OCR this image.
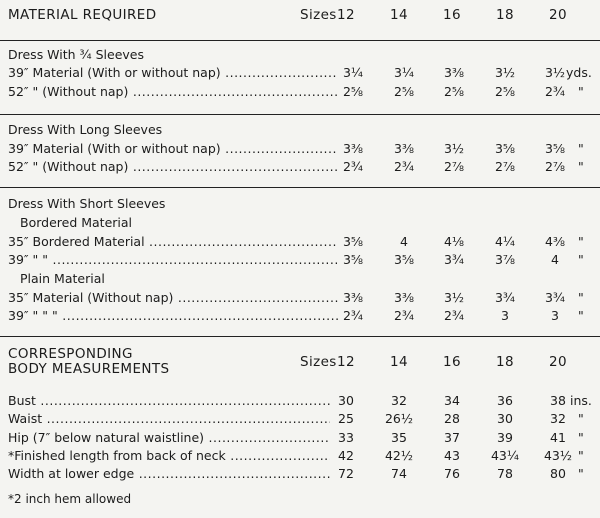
MATERIAL REQUIRED	Sizes 12	14	16	18	20
Dress With ¾ Sleeves
39″ Material (With or without nap) .....	3¼	3¼	3⅜	3½	3½ yds.
52″ " (Without nap) .....	2⅝	2⅝	2⅝	2⅝	2¾	"
Dress With Long Sleeves
39″ Material (With or without nap) .....	3⅜	3⅜	3½	3⅝	3⅝	"
52″ " (Without nap) .....	2¾	2¾	2⅞	2⅞	2⅞	"
Dress With Short Sleeves
Bordered Material
35″ Bordered Material .....	3⅝	4	4⅛	4¼	4⅜	"
39″ " " .....	3⅝	3⅝	3¾	3⅞	4	"
Plain Material
35″ Material (Without nap) .....	3⅜	3⅜	3½	3¾	3¾	"
39″ " " " .....	2¾	2¾	2¾	3	3	"
CORRESPONDING
BODY MEASUREMENTS	Sizes 12	14	16	18	20
Bust .....	30	32	34	36	38 ins.
Waist .....	25	26½	28	30	32 "
Hip (7″ below natural waistline) .....	33	35	37	39	41 "
*Finished length from back of neck .....	42	42½	43	43¼	43½ "
Width at lower edge .....	72	74	76	78	80 "
*2 inch hem allowed
